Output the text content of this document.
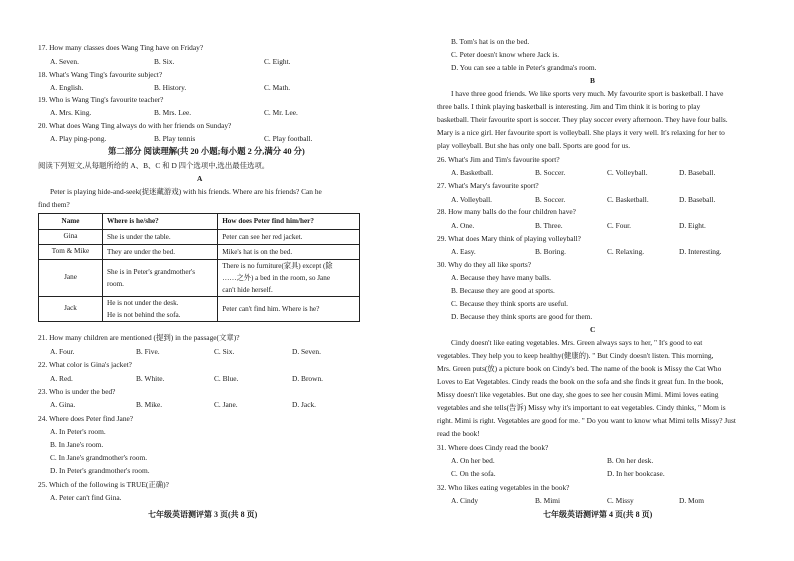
17. How many classes does Wang Ting have on Friday?
A. Seven.	B. Six.	C. Eight.
18. What's Wang Ting's favourite subject?
A. English.	B. History.	C. Math.
19. Who is Wang Ting's favourite teacher?
A. Mrs. King.	B. Mrs. Lee.	C. Mr. Lee.
20. What does Wang Ting always do with her friends on Sunday?
A. Play ping-pong.	B. Play tennis	C. Play football.
第二部分 阅读理解(共 20 小题;每小题 2 分,满分 40 分)
阅读下列短文,从每题所给的 A、B、C 和 D 四个选项中,选出最佳选项。
A
Peter is playing hide-and-seek(捉迷藏游戏) with his friends. Where are his friends? Can he
find them?
Name	Where is he/she?	How does Peter find him/her?
Gina	She is under the table.	Peter can see her red jacket.

Tom & Mike	They are under the bed.	Mike's hat is on the bed.

Jane	She is in Peter's grandmother's
room.	There is no furniture(家具) except (除
……之外) a bed in the room, so Jane
can't hide herself.

Jack	He is not under the desk.
He is not behind the sofa.	Peter can't find him. Where is he?
21. How many children are mentioned (提到) in the passage(文章)?
A. Four.	B. Five.	C. Six.	D. Seven.
22. What color is Gina's jacket?
A. Red.	B. White.	C. Blue.	D. Brown.
23. Who is under the bed?
A. Gina.	B. Mike.	C. Jane.	D. Jack.
24. Where does Peter find Jane?
A. In Peter's room.
B. In Jane's room.
C. In Jane's grandmother's room.
D. In Peter's grandmother's room.
25. Which of the following is TRUE(正确)?
A. Peter can't find Gina.
七年级英语测评第 3 页(共 8 页)
B. Tom's hat is on the bed.
C. Peter doesn't know where Jack is.
D. You can see a table in Peter's grandma's room.
B
I have three good friends. We like sports very much. My favourite sport is basketball. I have
three balls. I think playing basketball is interesting. Jim and Tim think it is boring to play
basketball. Their favourite sport is soccer. They play soccer every afternoon. They have four balls.
Mary is a nice girl. Her favourite sport is volleyball. She plays it very well. It's relaxing for her to
play volleyball. But she has only one ball. Sports are good for us.
26. What's Jim and Tim's favourite sport?
A. Basketball.	B. Soccer.	C. Volleyball.	D. Baseball.
27. What's Mary's favourite sport?
A. Volleyball.	B. Soccer.	C. Basketball.	D. Baseball.
28. How many balls do the four children have?
A. One.	B. Three.	C. Four.	D. Eight.
29. What does Mary think of playing volleyball?
A. Easy.	B. Boring.	C. Relaxing.	D. Interesting.
30. Why do they all like sports?
A. Because they have many balls.
B. Because they are good at sports.
C. Because they think sports are useful.
D. Because they think sports are good for them.
C
Cindy doesn't like eating vegetables. Mrs. Green always says to her, " It's good to eat
vegetables. They help you to keep healthy(健康的). " But Cindy doesn't listen. This morning,
Mrs. Green puts(放) a picture book on Cindy's bed. The name of the book is Missy the Cat Who
Loves to Eat Vegetables. Cindy reads the book on the sofa and she finds it great fun. In the book,
Missy doesn't like vegetables. But one day, she goes to see her cousin Mimi. Mimi loves eating
vegetables and she tells(告诉) Missy why it's important to eat vegetables. Cindy thinks, " Mom is
right. Mimi is right. Vegetables are good for me. " Do you want to know what Mimi tells Missy? Just
read the book!
31. Where does Cindy read the book?
A. On her bed.	B. On her desk.
C. On the sofa.	D. In her bookcase.
32. Who likes eating vegetables in the book?
A. Cindy	B. Mimi	C. Missy	D. Mom
七年级英语测评第 4 页(共 8 页)
